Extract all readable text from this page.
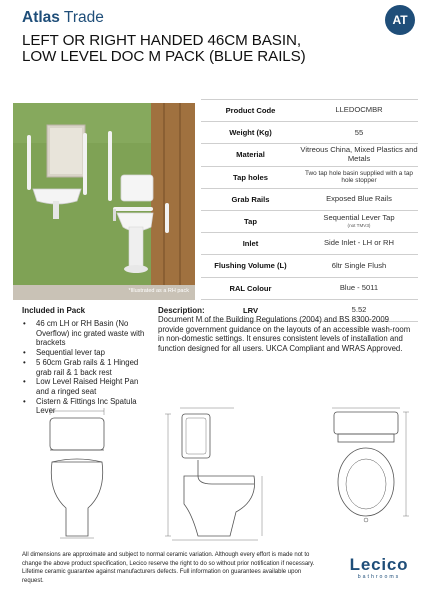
Atlas Trade	AT
LEFT OR RIGHT HANDED 46CM BASIN,
LOW LEVEL DOC M PACK (BLUE RAILS)
*Illustrated as a RH pack
Product Code	LLEDOCMBR
Weight (Kg)	55
Material	Vitreous China, Mixed Plastics and Metals
Tap holes	Two tap hole basin supplied with a tap hole stopper
Grab Rails	Exposed Blue Rails
Tap	Sequential Lever Tap
(not TMV3)

Inlet	Side Inlet - LH or RH
Flushing Volume (L)	6ltr Single Flush
RAL Colour	Blue - 5011
LRV	5.52
Included in Pack
• 46 cm LH or RH Basin (No Overflow) inc grated waste with brackets
• Sequential lever tap
• 5 60cm Grab rails & 1 Hinged grab rail & 1 back rest
• Low Level Raised Height Pan and a ringed seat
• Cistern & Fittings Inc Spatula Lever
Description:

Document M of the Building Regulations (2004) and BS 8300-2009 provide government guidance on the layouts of an accessible wash-room in non-domestic settings. It ensures consistent levels of installation and function designed for all users. UKCA Compliant and WRAS Approved.

All dimensions are approximate and subject to normal ceramic variation. Although every effort is made not to change the above product specification, Lecico reserve the right to do so without prior notification if necessary. Lifetime ceramic guarantee against manufacturers defects. Full information on guarantees available upon request.

Lecico
bathrooms
